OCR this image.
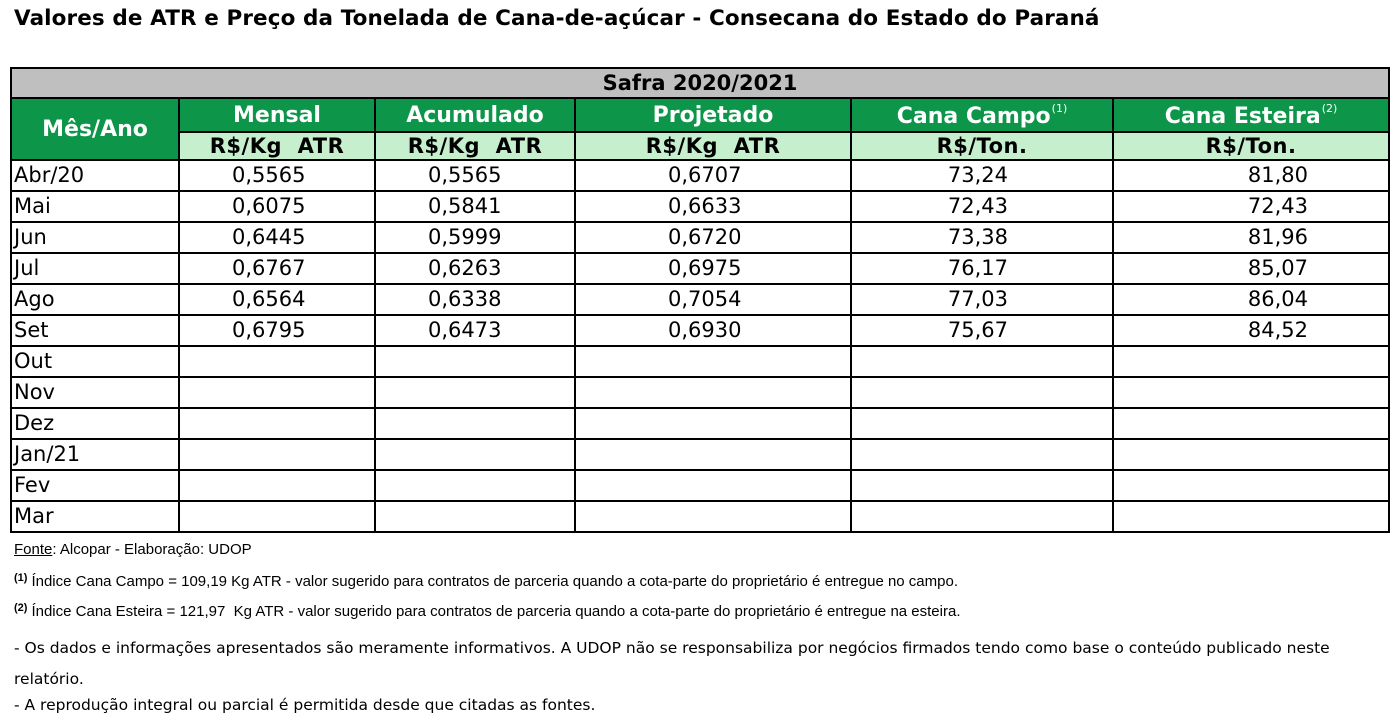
Valores de ATR e Preço da Tonelada de Cana-de-açúcar - Consecana do Estado do Paraná
Safra 2020/2021					
Mês/Ano	Mensal	Acumulado	Projetado	Cana Campo$^{(1)}$	Cana Esteira$^{(2)}$
	R$/Kg  ATR	R$/Kg  ATR	R$/Kg  ATR	R$/Ton.	R$/Ton.
Abr/20	0,5565	0,5565	0,6707	73,24	81,80
Mai	0,6075	0,5841	0,6633	72,43	72,43
Jun	0,6445	0,5999	0,6720	73,38	81,96
Jul	0,6767	0,6263	0,6975	76,17	85,07
Ago	0,6564	0,6338	0,7054	77,03	86,04
Set	0,6795	0,6473	0,6930	75,67	84,52
Out					
Nov					
Dez					
Jan/21					
Fev					
Mar					
Fonte: Alcopar - Elaboração: UDOP
$^{(1)}$ Índice Cana Campo = 109,19 Kg ATR - valor sugerido para contratos de parceria quando a cota-parte do proprietário é entregue no campo.
$^{(2)}$ Índice Cana Esteira = 121,97  Kg ATR - valor sugerido para contratos de parceria quando a cota-parte do proprietário é entregue na esteira.
- Os dados e informações apresentados são meramente informativos. A UDOP não se responsabiliza por negócios firmados tendo como base o conteúdo publicado neste relatório.
- A reprodução integral ou parcial é permitida desde que citadas as fontes.
